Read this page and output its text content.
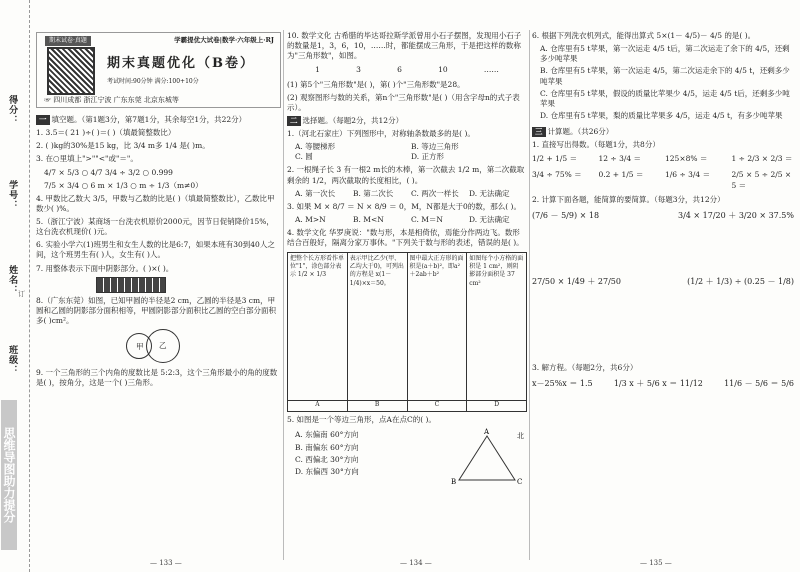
得分：
学号：
姓名：
班级：
订
思维导图助力提分
期末试卷·真题	学霸提优大试卷|数学·六年级上·RJ
期末真题优化（B卷）
考试时间:90分钟 满分:100+10分
☞ 四川成都 浙江宁波 广东东莞 北京东城等
一 填空题。（第1题3分，第7题1分，其余每空1分，共22分）
1. 3.5＝( 21 )÷( )＝( )（填最简整数比）
2. ( )kg的30%是15 kg，比 3/4 m多 1/4 是( )m。
3. 在○里填上">""<"或"＝"。
4/7 × 5/3 ○ 4/7 3/4 ÷ 3/2 ○ 0.999
7/5 × 3/4 ○ 6 m × 1/3 ○ m ÷ 1/3（m≠0）
4. 甲数比乙数大 3/5，甲数与乙数的比是( )（填最简整数比），乙数比甲数少( )%。
5.（浙江宁波）某商场一台洗衣机原价2000元，因节日促销降价15%，这台洗衣机现价( )元。
6. 实验小学六(1)班男生和女生人数的比是6:7，如果本班有30到40人之间，这个班男生有( )人，女生有( )人。
7. 用整体表示下面中阴影部分。( )×( )。
8.（广东东莞）如图，已知甲圆的半径是2 cm，乙圆的半径是3 cm，甲圆和乙圆的阴影部分面积相等，甲圆阴影部分面积比乙圆的空白部分面积多( )cm²。
甲 乙
9. 一个三角形的三个内角的度数比是 5:2:3，这个三角形最小的角的度数是( )，按角分，这是一个( )三角形。
— 133 —
10. 数学文化 古希腊的毕达哥拉斯学派曾用小石子摆图，发现用小石子的数量是1，3，6，10，……时，都能摆成三角形，于是把这样的数称为"三角形数"，如图。
1	3	6	10	……
(1) 第5个"三角形数"是( )，第( )个"三角形数"是28。
(2) 观察图形与数的关系，第n个"三角形数"是( )（用含字母n的式子表示）。
二 选择题。（每题2分，共12分）
1.（河北石家庄）下列图形中，对称轴条数最多的是( )。
A. 等腰梯形	B. 等边三角形
C. 圆	D. 正方形
2. 一根绳子长 3 有一根2 m长的木棒，第一次截去 1/2 m，第二次截取剩余的 1/2，两次截取的长度相比，( )。
A. 第一次长	B. 第二次长	C. 两次一样长	D. 无法确定
3. 如果 M × 8/7 ＝ N × 8/9 ＝ 0，M，N都是大于0的数，那么( )。
A. M>N	B. M<N	C. M＝N	D. 无法确定
4. 数学文化 华罗庚说："数与形，本是相倚依，焉能分作两边飞。数形结合百般好，隔离分家万事休。"下列关于数与形的表述，错误的是( )。
把整个长方形看作单位"1"，涂色部分表示 1/2 × 1/3
A
表示甲比乙少(甲、乙均大于0)，可列出的方程是 x(1－ 1/4)×x＝50。
B
图中最大正方形的面积是(a＋b)²，即a²＋2ab＋b²
C
如图每个小方格的面积是 1 cm²，则阴影部分面积是 37 cm²
D
5. 如图是一个等边三角形，点A在点C的( )。
A. 东偏南 60°方向
B. 南偏东 60°方向
C. 西偏北 30°方向
D. 东偏西 30°方向
A
B	C
北
— 134 —
6. 根据下列洗衣机列式，能得出算式 5×(1－ 4/5)－ 4/5 的是( )。
A. 仓库里有5 t苹果，第一次运走 4/5 t后，第二次运走了余下的 4/5，还剩多少吨苹果
B. 仓库里有5 t苹果，第一次运走 4/5，第二次运走余下的 4/5 t，还剩多少吨苹果
C. 仓库里有5 t苹果，假设的质量比苹果少 4/5，运走 4/5 t后，还剩多少吨苹果
D. 仓库里有5 t苹果，梨的质量比苹果多 4/5，运走 4/5 t，有多少吨苹果
三 计算题。（共26分）
1. 直接写出得数。（每题1分，共8分）
1/2 + 1/5 ＝	12 ÷ 3/4 ＝	125×8% ＝	1 ÷ 2/3 × 2/3 ＝
3/4 ÷ 75% ＝	0.2 + 1/5 ＝	1/6 ÷ 3/4 ＝	2/5 × 5 ÷ 2/5 × 5 ＝
2. 计算下面各题，能简算的要简算。（每题3分，共12分）
(7/6 － 5/9) × 18	3/4 × 17/20 ＋ 3/20 × 37.5%
27/50 × 1/49 ＋ 27/50	(1/2 ＋ 1/3) ÷ (0.25 － 1/8)
3. 解方程。（每题2分，共6分）
x－25%x ＝ 1.5	1/3 x ＋ 5/6 x ＝ 11/12	11/6 － 5/6 ＝ 5/6
— 135 —
